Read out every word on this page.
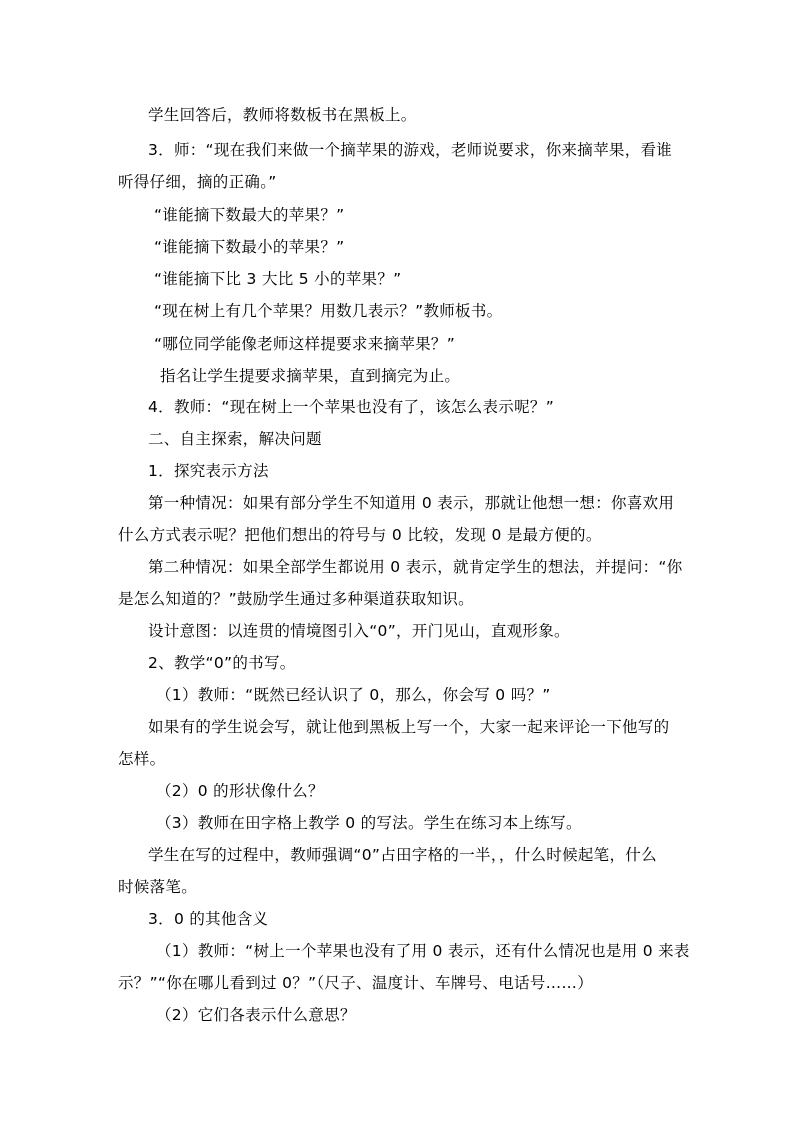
学生回答后，教师将数板书在黑板上。
3．师：“现在我们来做一个摘苹果的游戏，老师说要求，你来摘苹果，看谁
听得仔细，摘的正确。”
“谁能摘下数最大的苹果？”
“谁能摘下数最小的苹果？”
“谁能摘下比 3 大比 5 小的苹果？”
“现在树上有几个苹果？用数几表示？”教师板书。
“哪位同学能像老师这样提要求来摘苹果？”
指名让学生提要求摘苹果，直到摘完为止。
4．教师：“现在树上一个苹果也没有了，该怎么表示呢？”
二、自主探索，解决问题
1．探究表示方法
第一种情况：如果有部分学生不知道用 0 表示，那就让他想一想：你喜欢用
什么方式表示呢？把他们想出的符号与 0 比较，发现 0 是最方便的。
第二种情况：如果全部学生都说用 0 表示，就肯定学生的想法，并提问：“你
是怎么知道的？”鼓励学生通过多种渠道获取知识。
设计意图：以连贯的情境图引入“0”，开门见山，直观形象。
2、教学“0”的书写。
（1）教师：“既然已经认识了 0，那么，你会写 0 吗？”
如果有的学生说会写，就让他到黑板上写一个，大家一起来评论一下他写的
怎样。
（2）0 的形状像什么？
（3）教师在田字格上教学 0 的写法。学生在练习本上练写。
学生在写的过程中，教师强调“0”占田字格的一半，，什么时候起笔，什么
时候落笔。
3．0 的其他含义
（1）教师：“树上一个苹果也没有了用 0 表示，还有什么情况也是用 0 来表
示？”“你在哪儿看到过 0？”（尺子、温度计、车牌号、电话号……）
（2）它们各表示什么意思？
